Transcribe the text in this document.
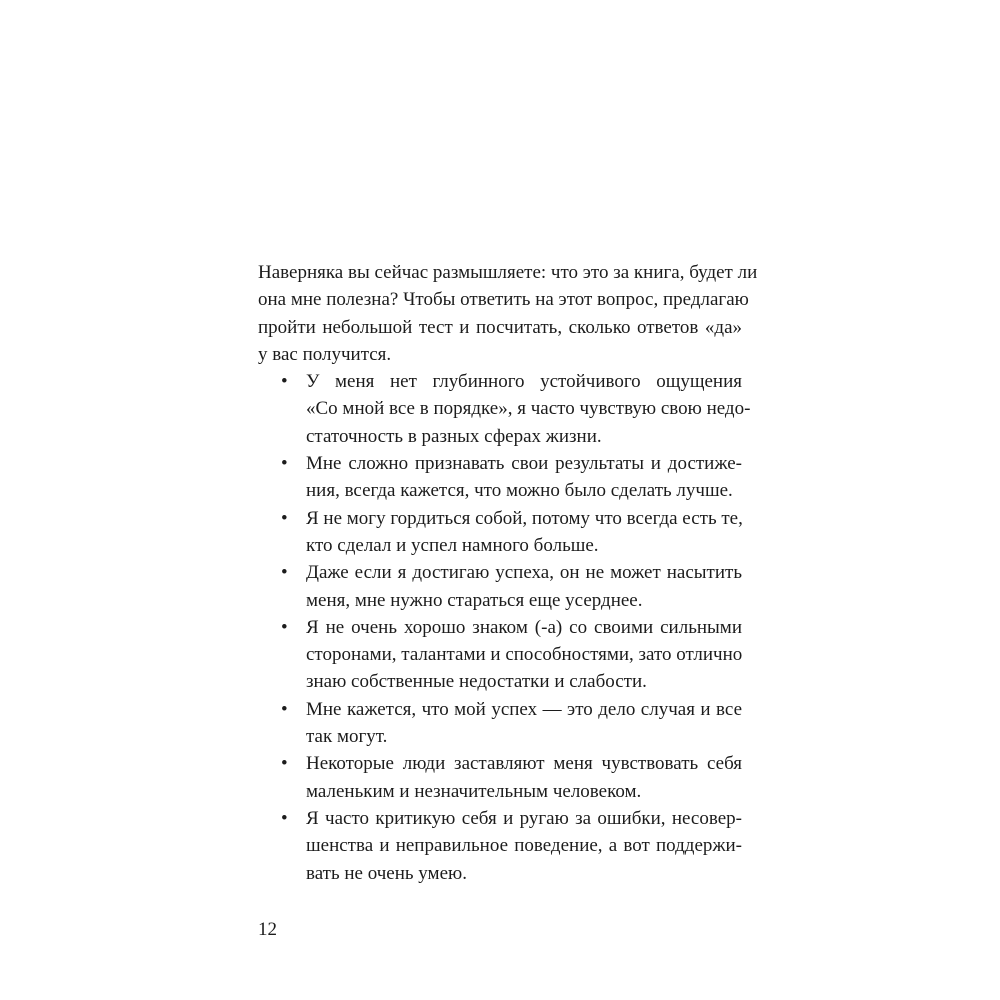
Наверняка вы сейчас размышляете: что это за книга, будет ли
она мне полезна? Чтобы ответить на этот вопрос, предлагаю
пройти небольшой тест и посчитать, сколько ответов «да»
у вас получится.

• У меня нет глубинного устойчивого ощущения
«Со мной все в порядке», я часто чувствую свою недо-
статочность в разных сферах жизни.
• Мне сложно признавать свои результаты и достиже-
ния, всегда кажется, что можно было сделать лучше.
• Я не могу гордиться собой, потому что всегда есть те,
кто сделал и успел намного больше.
• Даже если я достигаю успеха, он не может насытить
меня, мне нужно стараться еще усерднее.
• Я не очень хорошо знаком (-а) со своими сильными
сторонами, талантами и способностями, зато отлично
знаю собственные недостатки и слабости.
• Мне кажется, что мой успех — это дело случая и все
так могут.
• Некоторые люди заставляют меня чувствовать себя
маленьким и незначительным человеком.
• Я часто критикую себя и ругаю за ошибки, несовер-
шенства и неправильное поведение, а вот поддержи-
вать не очень умею.
12
